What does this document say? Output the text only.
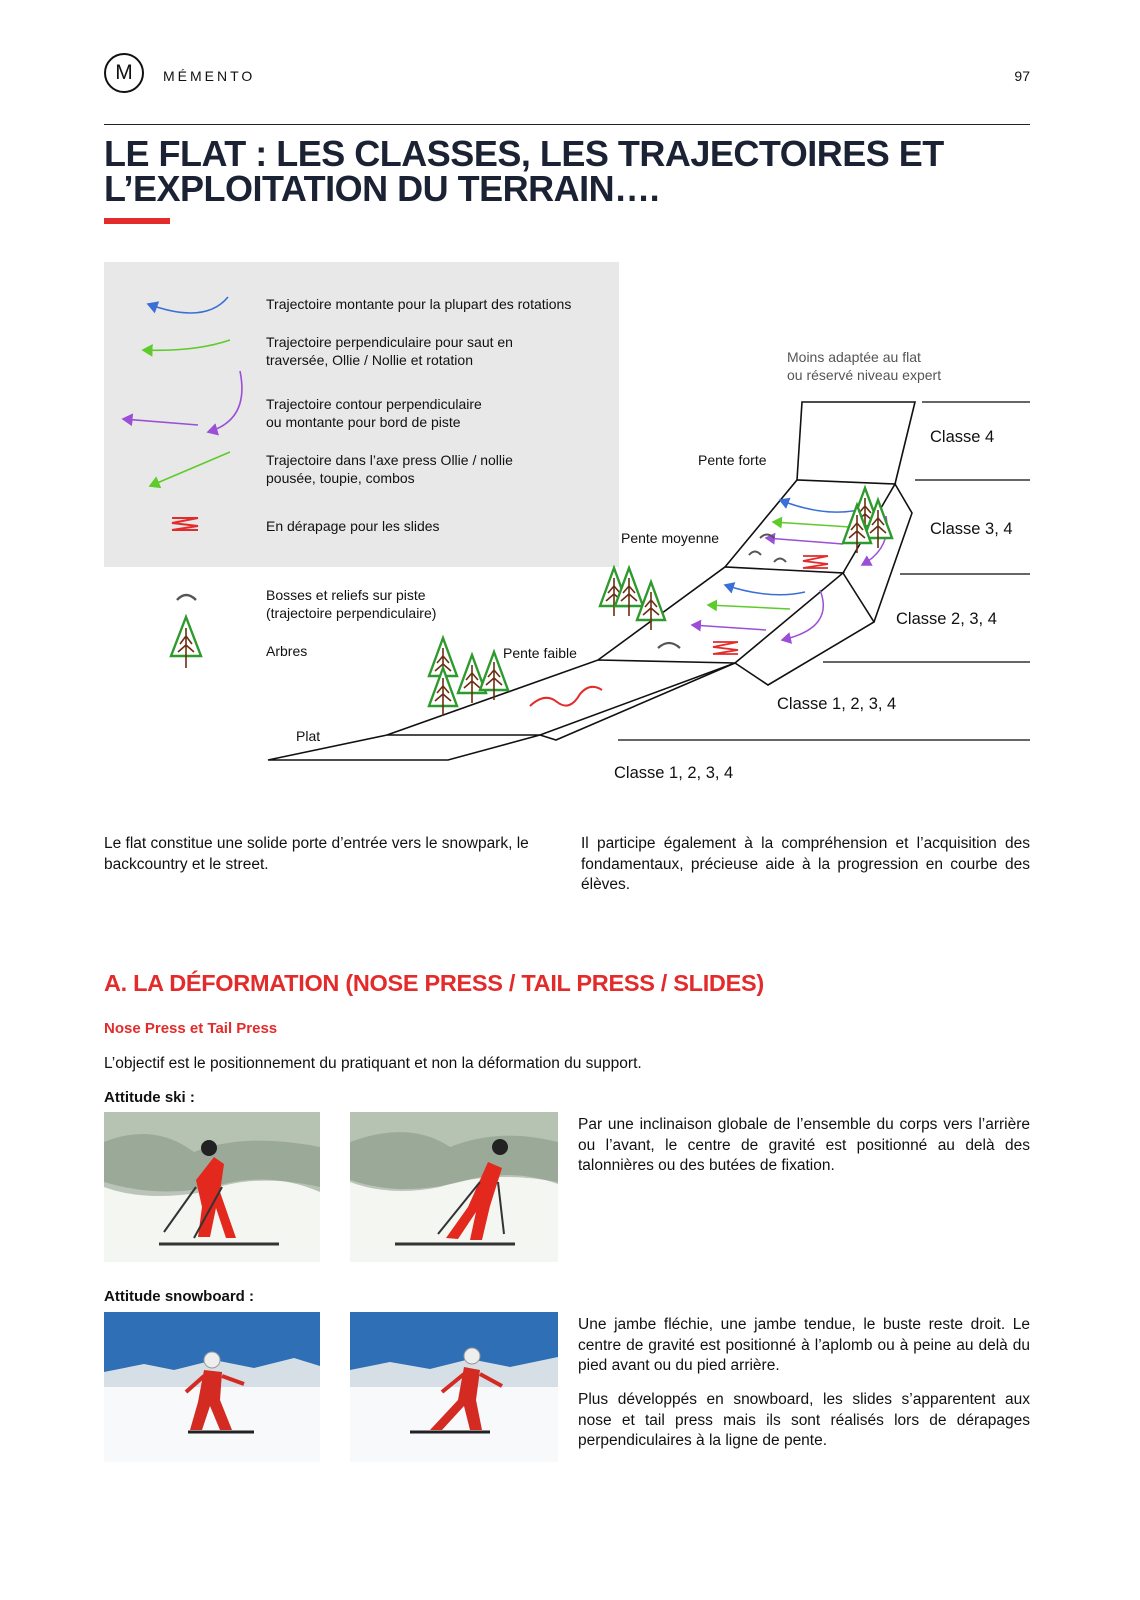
M MÉMENTO	97
LE FLAT : LES CLASSES, LES TRAJECTOIRES ET
L’EXPLOITATION DU TERRAIN….
Trajectoire montante pour la plupart des rotations
Trajectoire perpendiculaire pour saut en
traversée, Ollie / Nollie et rotation
Trajectoire contour perpendiculaire
ou montante pour bord de piste
Trajectoire dans l’axe press Ollie / nollie
pousée, toupie, combos
En dérapage pour les slides
Bosses et reliefs sur piste
(trajectoire perpendiculaire)
Arbres
Moins adaptée au flat
ou réservé niveau expert
Pente forte
Pente moyenne
Pente faible
Plat
Classe 4
Classe 3, 4
Classe 2, 3, 4
Classe 1, 2, 3, 4
Classe 1, 2, 3, 4

Le flat constitue une solide porte d’entrée vers le snowpark, le backcountry et le street.

Il participe également à la compréhension et l’acquisition des fondamentaux, précieuse aide à la progression en courbe des élèves.

A. LA DÉFORMATION (NOSE PRESS / TAIL PRESS / SLIDES)
Nose Press et Tail Press
L’objectif est le positionnement du pratiquant et non la déformation du support.
Attitude ski :

Par une inclinaison globale de l’ensemble du corps vers l’arrière ou l’avant, le centre de gravité est positionné au delà des talonnières ou des butées de fixation.

Attitude snowboard :

Une jambe fléchie, une jambe tendue, le buste reste droit. Le centre de gravité est positionné à l’aplomb ou à peine au delà du pied avant ou du pied arrière.

Plus développés en snowboard, les slides s’apparentent aux nose et tail press mais ils sont réalisés lors de dérapages perpendiculaires à la ligne de pente.
